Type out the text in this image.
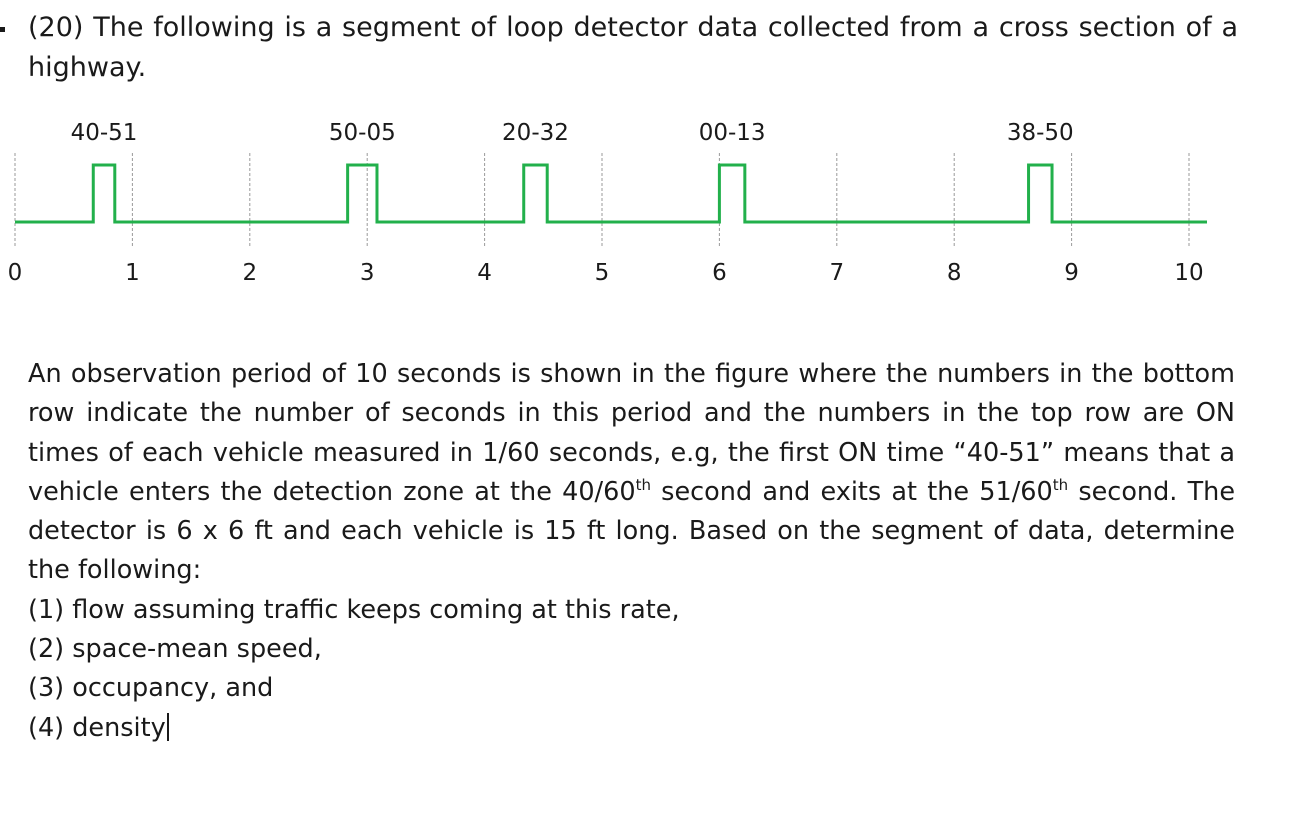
(20) The following is a segment of loop detector data collected from a cross section of a highway.
0	1	2	3	4	5	6	7	8	9	10
40-51	50-05	20-32	00-13	38-50

An observation period of 10 seconds is shown in the figure where the numbers in the bottom row indicate the number of seconds in this period and the numbers in the top row are ON times of each vehicle measured in 1/60 seconds, e.g, the first ON time “40-51” means that a vehicle enters the detection zone at the 40/60th second and exits at the 51/60th second. The detector is 6 x 6 ft and each vehicle is 15 ft long. Based on the segment of data, determine the following:

(1) flow assuming traffic keeps coming at this rate,

(2) space-mean speed,

(3) occupancy, and

(4) density
